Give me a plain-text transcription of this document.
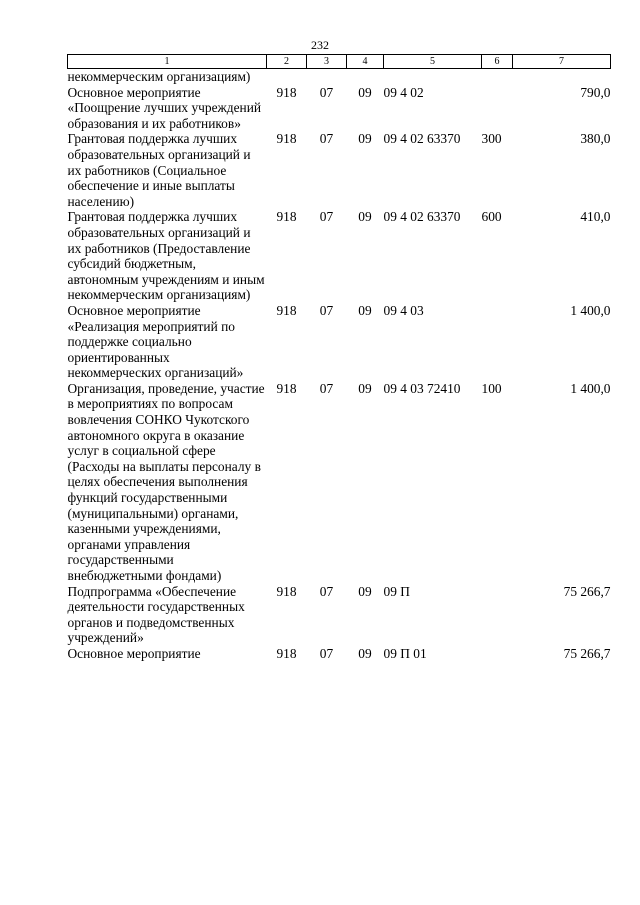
232
1	2	3	4	5	6	7
некоммерческим организациям)						
Основное мероприятие «Поощрение лучших учреждений образования и их работников»	918	07	09	09 4 02		790,0
Грантовая поддержка лучших образовательных организаций и их работников (Социальное обеспечение и иные выплаты населению)	918	07	09	09 4 02 63370	300	380,0
Грантовая поддержка лучших образовательных организаций и их работников (Предоставление субсидий бюджетным, автономным учреждениям и иным некоммерческим организациям)	918	07	09	09 4 02 63370	600	410,0
Основное мероприятие «Реализация мероприятий по поддержке социально ориентированных некоммерческих организаций»	918	07	09	09 4 03		1 400,0
Организация, проведение, участие в мероприятиях по вопросам вовлечения СОНКО Чукотского автономного округа в оказание услуг в социальной сфере (Расходы на выплаты персоналу в целях обеспечения выполнения функций государственными (муниципальными) органами, казенными учреждениями, органами управления государственными внебюджетными фондами)	918	07	09	09 4 03 72410	100	1 400,0
Подпрограмма «Обеспечение деятельности государственных органов и подведомственных учреждений»	918	07	09	09 П		75 266,7
Основное мероприятие	918	07	09	09 П 01		75 266,7
